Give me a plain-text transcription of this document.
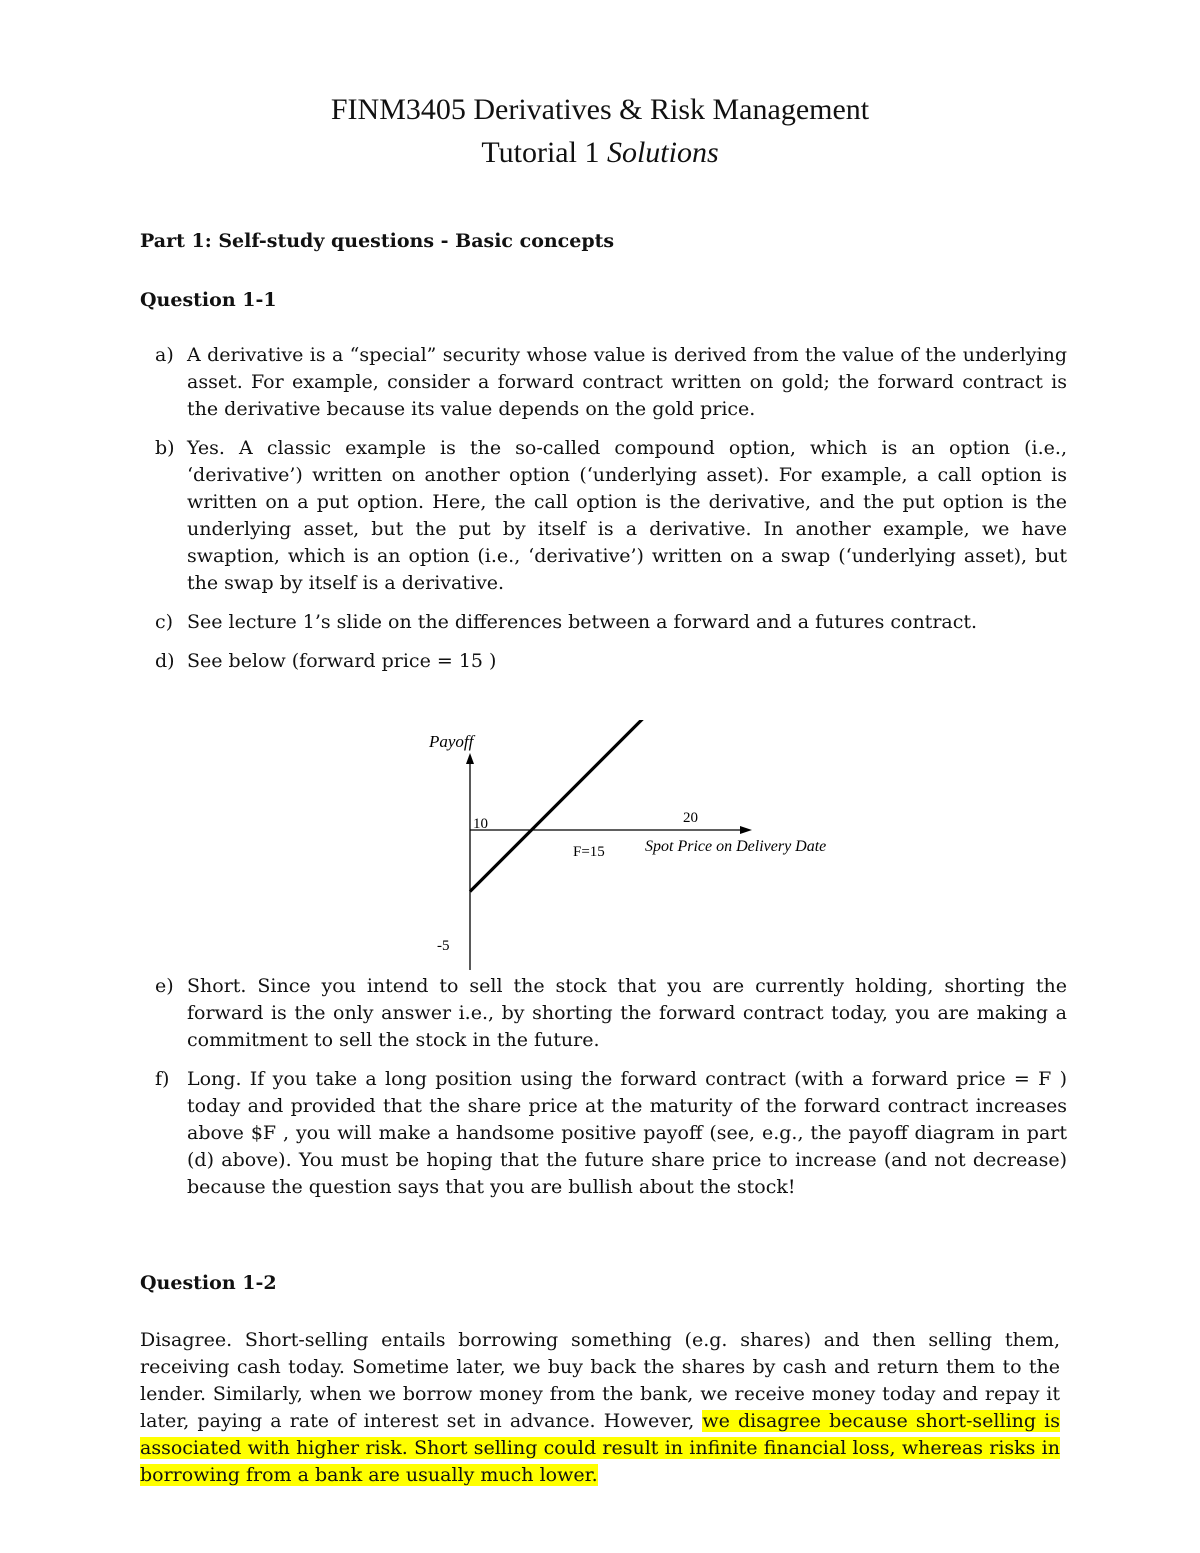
FINM3405 Derivatives & Risk Management
Tutorial 1 Solutions
Part 1: Self-study questions - Basic concepts
Question 1-1
a) A derivative is a “special” security whose value is derived from the value of the underlying asset. For example, consider a forward contract written on gold; the forward contract is the derivative because its value depends on the gold price.
b) Yes. A classic example is the so-called compound option, which is an option (i.e., ‘derivative’) written on another option (‘underlying asset). For example, a call option is written on a put option. Here, the call option is the derivative, and the put option is the underlying asset, but the put by itself is a derivative. In another example, we have swaption, which is an option (i.e., ‘derivative’) written on a swap (‘underlying asset), but the swap by itself is a derivative.
c) See lecture 1’s slide on the differences between a forward and a futures contract.
d) See below (forward price = 15 )
Payoff
10	20
F=15	Spot Price on Delivery Date
-5
e) Short. Since you intend to sell the stock that you are currently holding, shorting the forward is the only answer i.e., by shorting the forward contract today, you are making a commitment to sell the stock in the future.
f) Long. If you take a long position using the forward contract (with a forward price = F ) today and provided that the share price at the maturity of the forward contract increases above $F , you will make a handsome positive payoff (see, e.g., the payoff diagram in part (d) above). You must be hoping that the future share price to increase (and not decrease) because the question says that you are bullish about the stock!
Question 1-2

Disagree. Short-selling entails borrowing something (e.g. shares) and then selling them, receiving cash today. Sometime later, we buy back the shares by cash and return them to the lender. Similarly, when we borrow money from the bank, we receive money today and repay it later, paying a rate of interest set in advance. However, we disagree because short-selling is associated with higher risk. Short selling could result in infinite financial loss, whereas risks in borrowing from a bank are usually much lower.
